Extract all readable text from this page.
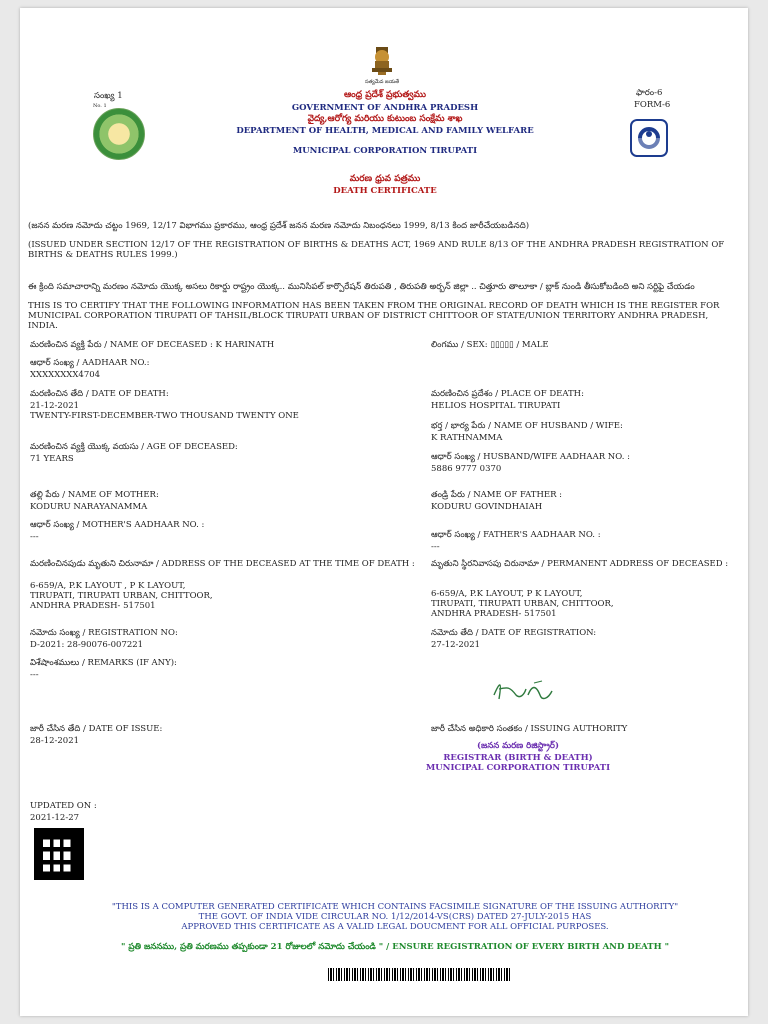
సత్యమేవ జయతే
సంఖ్య 1
No. 1
ఆంధ్ర ప్రదేశ్ ప్రభుత్వము
GOVERNMENT OF ANDHRA PRADESH
వైద్య,ఆరోగ్య మరియు కుటుంబ సంక్షేమ శాఖ
DEPARTMENT OF HEALTH, MEDICAL AND FAMILY WELFARE
MUNICIPAL CORPORATION TIRUPATI
మరణ ధ్రువ పత్రము
DEATH CERTIFICATE
ఫారం-6
FORM-6
(జనన మరణ నమోదు చట్టం 1969, 12/17 విభాగము ప్రకారము, ఆంధ్ర ప్రదేశ్ జనన మరణ నమోదు నిబంధనలు 1999, 8/13 కింద జారీచేయబడినది)
(ISSUED UNDER SECTION 12/17 OF THE REGISTRATION OF BIRTHS & DEATHS ACT, 1969 AND RULE 8/13 OF THE ANDHRA PRADESH REGISTRATION OF BIRTHS & DEATHS RULES 1999.)
ఈ క్రింది సమాచారాన్ని మరణం నమోదు యొక్క అసలు రికార్డు రాష్ట్రం యొక్క.. మునిసిపల్ కార్పొరేషన్ తిరుపతి , తిరుపతి అర్బన్ జిల్లా .. చిత్తూరు తాలూకా / బ్లాక్ నుండి తీసుకోబడింది అని సర్టిఫై చేయడం
THIS IS TO CERTIFY THAT THE FOLLOWING INFORMATION HAS BEEN TAKEN FROM THE ORIGINAL RECORD OF DEATH WHICH IS THE REGISTER FOR MUNICIPAL CORPORATION TIRUPATI OF TAHSIL/BLOCK TIRUPATI URBAN OF DISTRICT CHITTOOR OF STATE/UNION TERRITORY ANDHRA PRADESH, INDIA.
మరణించిన వ్యక్తి పేరు / NAME OF DECEASED : K HARINATH	లింగము / SEX: ▯▯▯▯▯ / MALE
ఆధార్ సంఖ్య / AADHAAR NO.:
XXXXXXXX4704
మరణించిన తేది / DATE OF DEATH:
21-12-2021
TWENTY-FIRST-DECEMBER-TWO THOUSAND TWENTY ONE
మరణించిన ప్రదేశం / PLACE OF DEATH:
HELIOS HOSPITAL TIRUPATI
భర్త / భార్య పేరు / NAME OF HUSBAND / WIFE:
K RATHNAMMA
మరణించిన వ్యక్తి యొక్క వయసు / AGE OF DECEASED:
71 YEARS	ఆధార్ సంఖ్య / HUSBAND/WIFE AADHAAR NO. :
5886 9777 0370
తల్లి పేరు / NAME OF MOTHER:
KODURU NARAYANAMMA
తండ్రి పేరు / NAME OF FATHER :
KODURU GOVINDHAIAH
ఆధార్ సంఖ్య / MOTHER'S AADHAAR NO. :
---	ఆధార్ సంఖ్య / FATHER'S AADHAAR NO. :
---
మరణించినపుడు మృతుని చిరునామా / ADDRESS OF THE DECEASED AT THE TIME OF DEATH :
6-659/A, P.K LAYOUT , P K LAYOUT,
TIRUPATI, TIRUPATI URBAN, CHITTOOR,
ANDHRA PRADESH- 517501
మృతుని స్థిరనివాసపు చిరునామా / PERMANENT ADDRESS OF DECEASED :
6-659/A, P.K LAYOUT, P K LAYOUT,
TIRUPATI, TIRUPATI URBAN, CHITTOOR,
ANDHRA PRADESH- 517501
నమోదు సంఖ్య / REGISTRATION NO:
D-2021: 28-90076-007221
నమోదు తేది / DATE OF REGISTRATION:
27-12-2021
విశేషాంశములు / REMARKS (IF ANY):
---
జారీ చేసిన తేది / DATE OF ISSUE:
28-12-2021
జారీ చేసిన అధికారి సంతకం / ISSUING AUTHORITY
(జనన మరణ రిజిస్ట్రార్)
REGISTRAR (BIRTH & DEATH)
MUNICIPAL CORPORATION TIRUPATI
UPDATED ON :
2021-12-27
"THIS IS A COMPUTER GENERATED CERTIFICATE WHICH CONTAINS FACSIMILE SIGNATURE OF THE ISSUING AUTHORITY"
THE GOVT. OF INDIA VIDE CIRCULAR NO. 1/12/2014-VS(CRS) DATED 27-JULY-2015 HAS
APPROVED THIS CERTIFICATE AS A VALID LEGAL DOUCMENT FOR ALL OFFICIAL PURPOSES.
" ప్రతి జననము, ప్రతి మరణము తప్పకుండా 21 రోజులలో నమోదు చేయండి " / ENSURE REGISTRATION OF EVERY BIRTH AND DEATH "
